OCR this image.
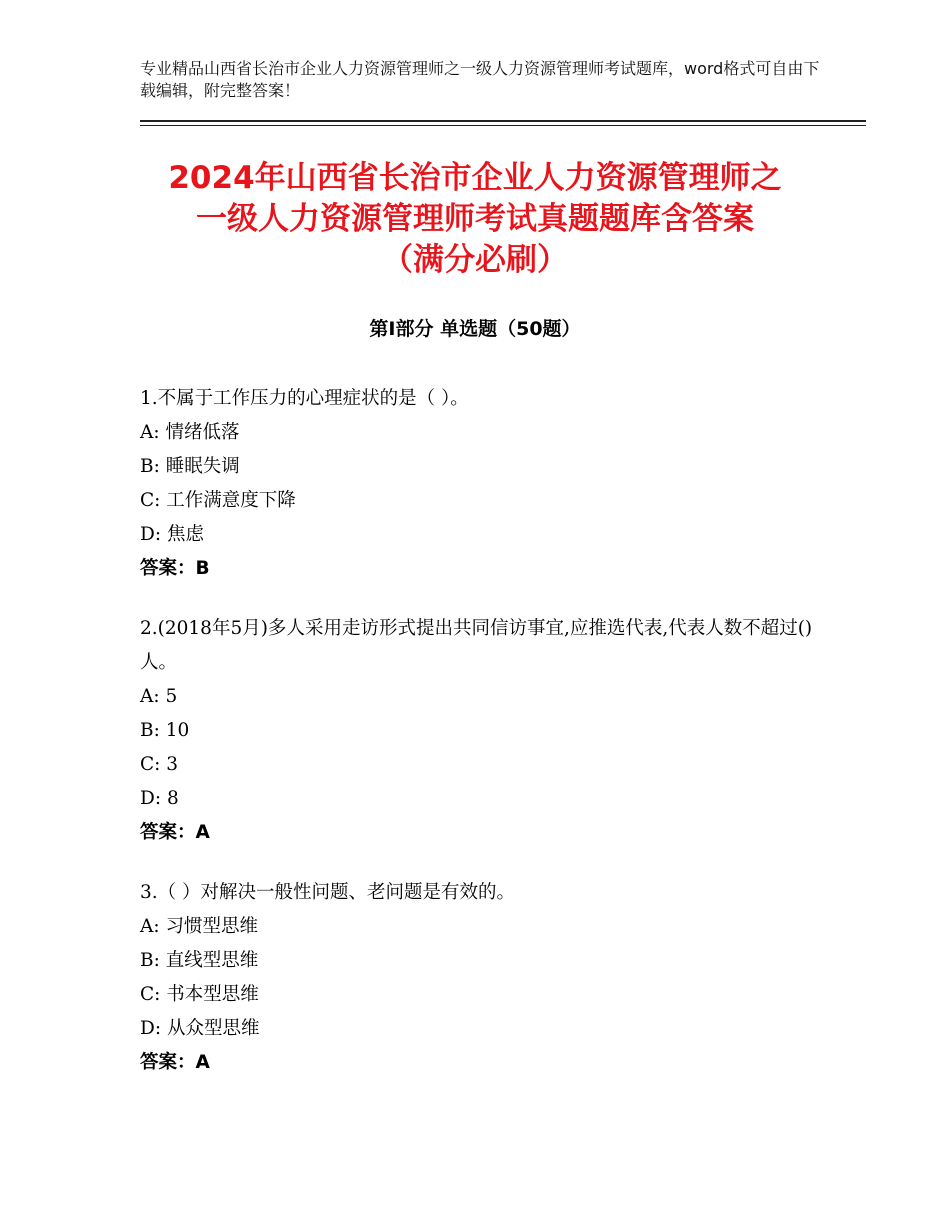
专业精品山西省长治市企业人力资源管理师之一级人力资源管理师考试题库，word格式可自由下载编辑，附完整答案！
2024年山西省长治市企业人力资源管理师之
一级人力资源管理师考试真题题库含答案
（满分必刷）
第Ⅰ部分 单选题（50题）

1.不属于工作压力的心理症状的是（ ）。

A: 情绪低落

B: 睡眠失调

C: 工作满意度下降

D: 焦虑

答案：B

2.(2018年5月)多人采用走访形式提出共同信访事宜,应推选代表,代表人数不超过()人。

A: 5

B: 10

C: 3

D: 8

答案：A

3.（ ）对解决一般性问题、老问题是有效的。

A: 习惯型思维

B: 直线型思维

C: 书本型思维

D: 从众型思维

答案：A
